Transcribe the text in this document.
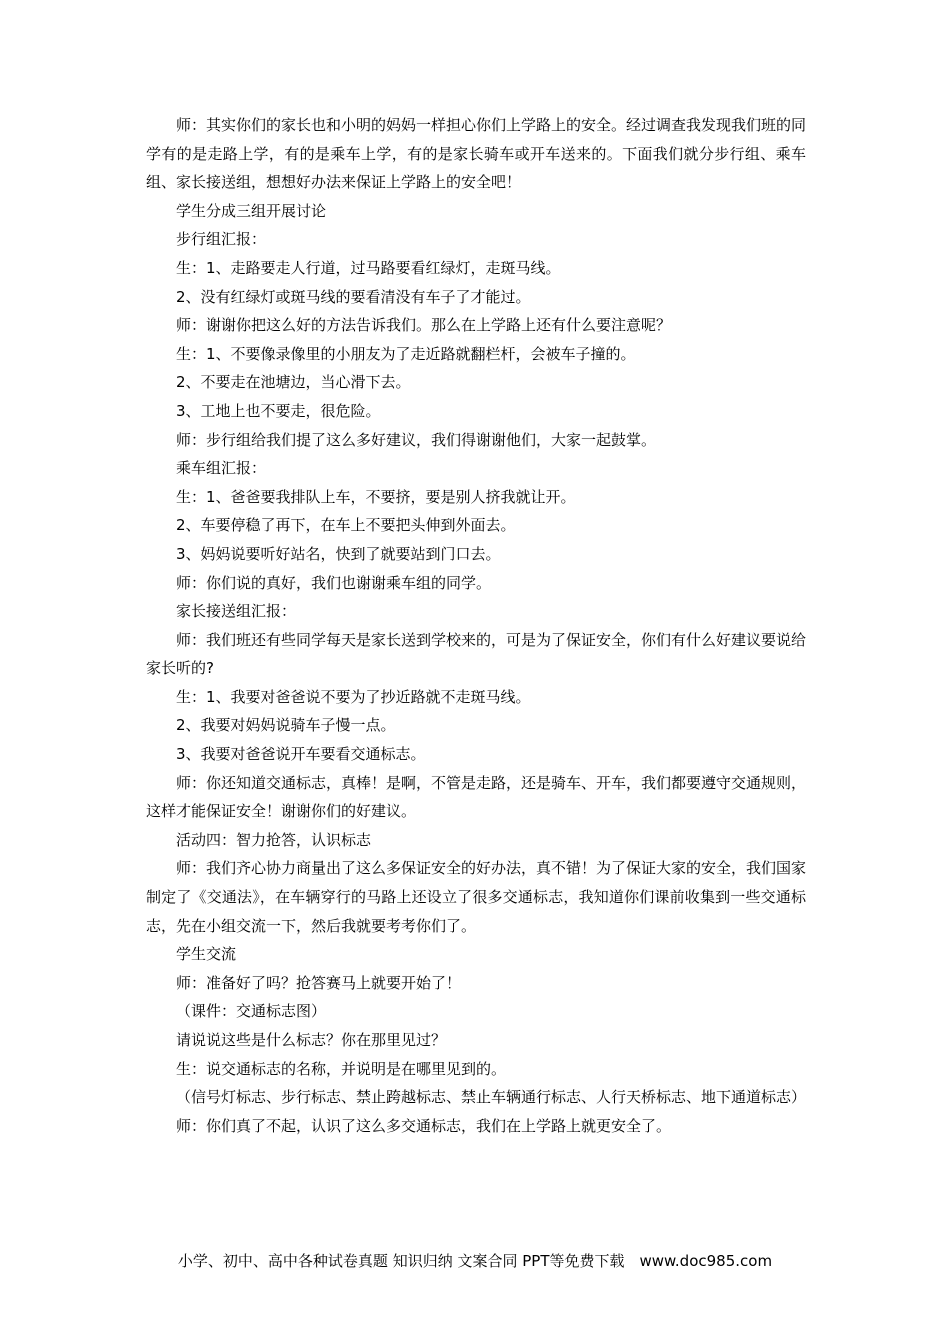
师：其实你们的家长也和小明的妈妈一样担心你们上学路上的安全。经过调查我发现我们班的同学有的是走路上学，有的是乘车上学，有的是家长骑车或开车送来的。下面我们就分步行组、乘车组、家长接送组，想想好办法来保证上学路上的安全吧！

学生分成三组开展讨论

步行组汇报：

生：1、走路要走人行道，过马路要看红绿灯，走斑马线。

2、没有红绿灯或斑马线的要看清没有车子了才能过。

师：谢谢你把这么好的方法告诉我们。那么在上学路上还有什么要注意呢？

生：1、不要像录像里的小朋友为了走近路就翻栏杆，会被车子撞的。

2、不要走在池塘边，当心滑下去。

3、工地上也不要走，很危险。

师：步行组给我们提了这么多好建议，我们得谢谢他们，大家一起鼓掌。

乘车组汇报：

生：1、爸爸要我排队上车，不要挤，要是别人挤我就让开。

2、车要停稳了再下，在车上不要把头伸到外面去。

3、妈妈说要听好站名，快到了就要站到门口去。

师：你们说的真好，我们也谢谢乘车组的同学。

家长接送组汇报：

师：我们班还有些同学每天是家长送到学校来的，可是为了保证安全，你们有什么好建议要说给家长听的?

生：1、我要对爸爸说不要为了抄近路就不走斑马线。

2、我要对妈妈说骑车子慢一点。

3、我要对爸爸说开车要看交通标志。

师：你还知道交通标志，真棒！是啊，不管是走路，还是骑车、开车，我们都要遵守交通规则，这样才能保证安全！谢谢你们的好建议。

活动四：智力抢答，认识标志

师：我们齐心协力商量出了这么多保证安全的好办法，真不错！为了保证大家的安全，我们国家制定了《交通法》，在车辆穿行的马路上还设立了很多交通标志，我知道你们课前收集到一些交通标志，先在小组交流一下，然后我就要考考你们了。

学生交流

师：准备好了吗？抢答赛马上就要开始了！

（课件：交通标志图）

请说说这些是什么标志？你在那里见过？

生：说交通标志的名称，并说明是在哪里见到的。

（信号灯标志、步行标志、禁止跨越标志、禁止车辆通行标志、人行天桥标志、地下通道标志）

师：你们真了不起，认识了这么多交通标志，我们在上学路上就更安全了。

小学、初中、高中各种试卷真题 知识归纳 文案合同 PPT等免费下载　www.doc985.com
